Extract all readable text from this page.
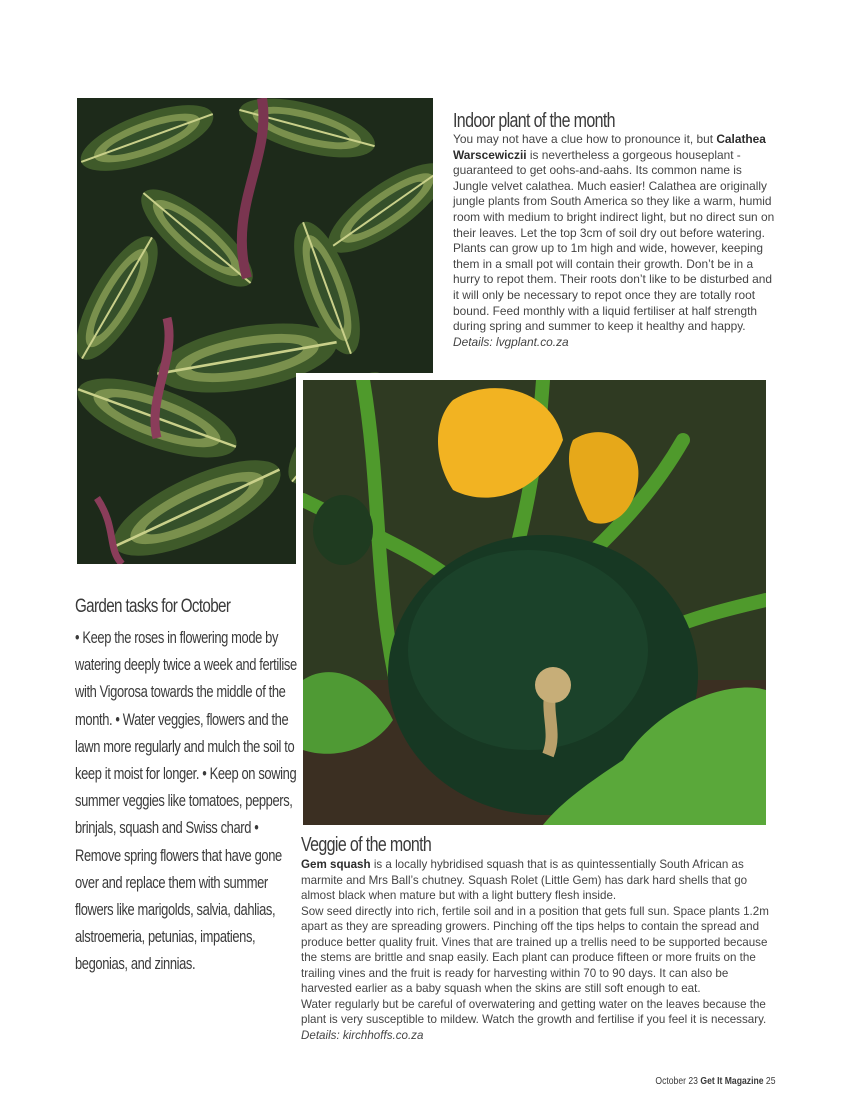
Indoor plant of the month

You may not have a clue how to pronounce it, but Calathea Warscewiczii is nevertheless a gorgeous houseplant - guaranteed to get oohs-and-aahs. Its common name is Jungle velvet calathea. Much easier! Calathea are originally jungle plants from South America so they like a warm, humid room with medium to bright indirect light, but no direct sun on their leaves. Let the top 3cm of soil dry out before watering. Plants can grow up to 1m high and wide, however, keeping them in a small pot will contain their growth. Don’t be in a hurry to repot them. Their roots don’t like to be disturbed and it will only be necessary to repot once they are totally root bound. Feed monthly with a liquid fertiliser at half strength during spring and summer to keep it healthy and happy. Details: lvgplant.co.za

Garden tasks for October
• Keep the roses in flowering mode by watering deeply twice a week and fertilise with Vigorosa towards the middle of the month. • Water veggies, flowers and the lawn more regularly and mulch the soil to keep it moist for longer. • Keep on sowing summer veggies like tomatoes, peppers, brinjals, squash and Swiss chard • Remove spring flowers that have gone over and replace them with summer flowers like marigolds, salvia, dahlias, alstroemeria, petunias, impatiens, begonias, and zinnias.
Veggie of the month

Gem squash is a locally hybridised squash that is as quintessentially South African as marmite and Mrs Ball’s chutney. Squash Rolet (Little Gem) has dark hard shells that go almost black when mature but with a light buttery flesh inside.

Sow seed directly into rich, fertile soil and in a position that gets full sun. Space plants 1.2m apart as they are spreading growers. Pinching off the tips helps to contain the spread and produce better quality fruit. Vines that are trained up a trellis need to be supported because the stems are brittle and snap easily. Each plant can produce fifteen or more fruits on the trailing vines and the fruit is ready for harvesting within 70 to 90 days. It can also be harvested earlier as a baby squash when the skins are still soft enough to eat.

Water regularly but be careful of overwatering and getting water on the leaves because the plant is very susceptible to mildew. Watch the growth and fertilise if you feel it is necessary. Details: kirchhoffs.co.za

October 23 Get It Magazine 25
